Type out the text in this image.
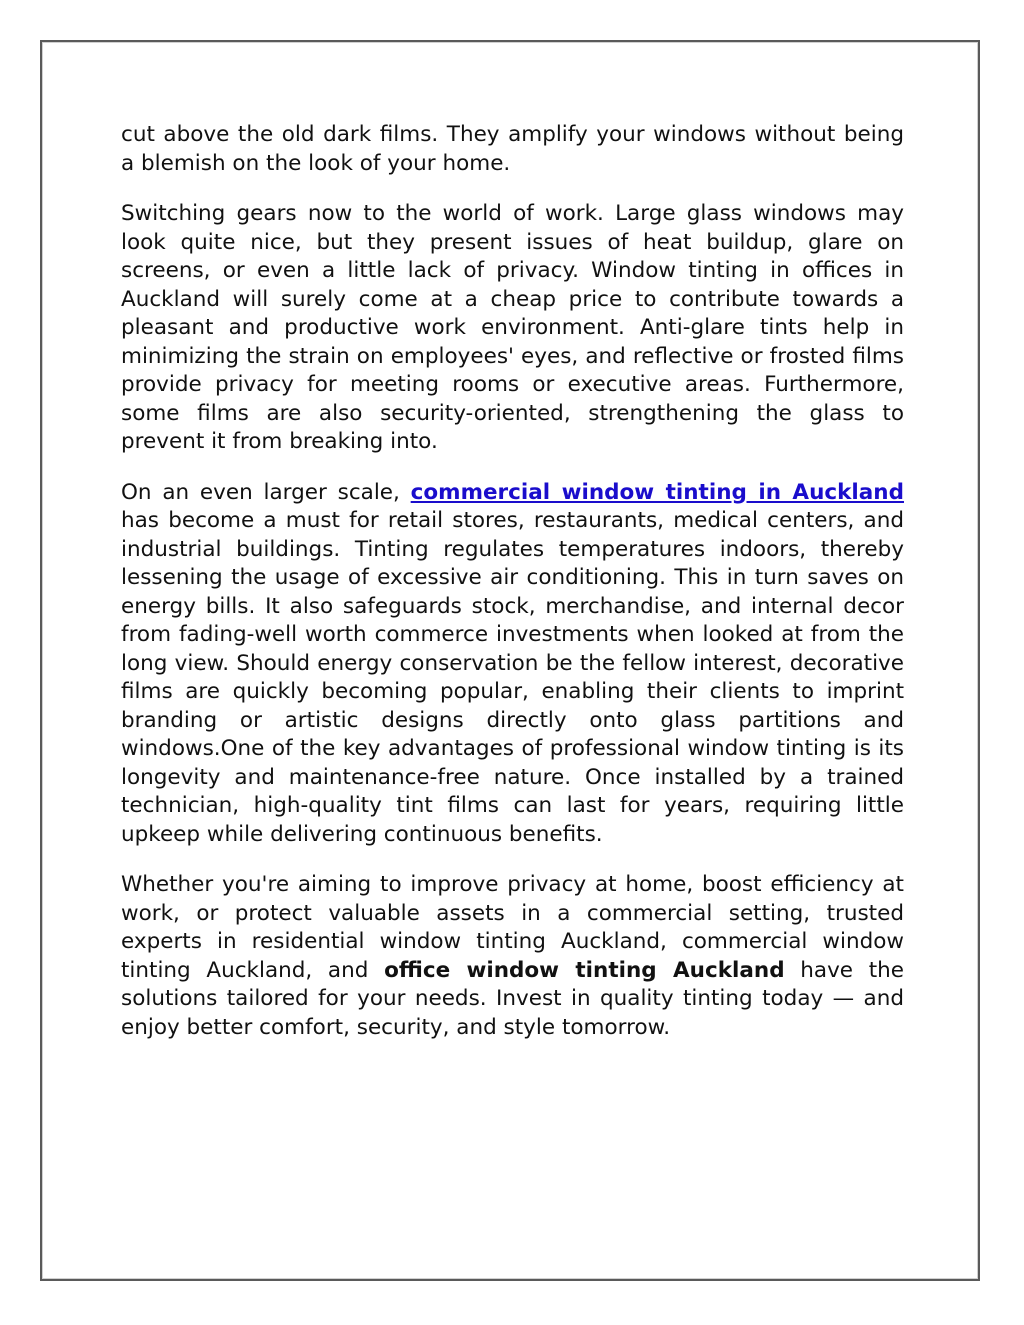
cut above the old dark films. They amplify your windows without being a blemish on the look of your home.

Switching gears now to the world of work. Large glass windows may look quite nice, but they present issues of heat buildup, glare on screens, or even a little lack of privacy. Window tinting in offices in Auckland will surely come at a cheap price to contribute towards a pleasant and productive work environment. Anti-glare tints help in minimizing the strain on employees' eyes, and reflective or frosted films provide privacy for meeting rooms or executive areas. Furthermore, some films are also security-oriented, strengthening the glass to prevent it from breaking into.

On an even larger scale, commercial window tinting in Auckland has become a must for retail stores, restaurants, medical centers, and industrial buildings. Tinting regulates temperatures indoors, thereby lessening the usage of excessive air conditioning. This in turn saves on energy bills. It also safeguards stock, merchandise, and internal decor from fading-well worth commerce investments when looked at from the long view. Should energy conservation be the fellow interest, decorative films are quickly becoming popular, enabling their clients to imprint branding or artistic designs directly onto glass partitions and windows.One of the key advantages of professional window tinting is its longevity and maintenance-free nature. Once installed by a trained technician, high-quality tint films can last for years, requiring little upkeep while delivering continuous benefits.

Whether you're aiming to improve privacy at home, boost efficiency at work, or protect valuable assets in a commercial setting, trusted experts in residential window tinting Auckland, commercial window tinting Auckland, and office window tinting Auckland have the solutions tailored for your needs. Invest in quality tinting today — and enjoy better comfort, security, and style tomorrow.
